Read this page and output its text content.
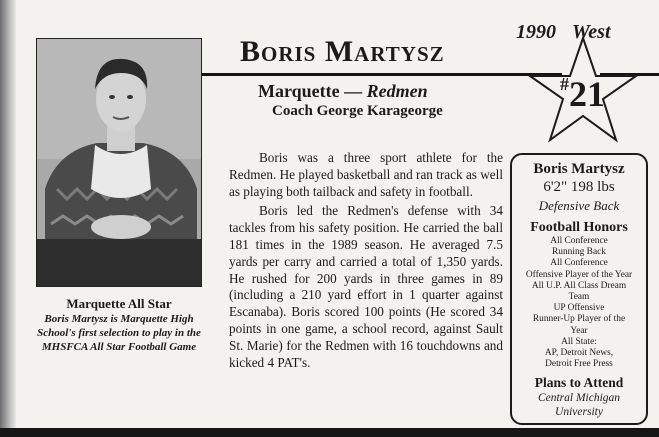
Marquette All Star
Boris Martysz is Marquette High School's first selection to play in the MHSFCA All Star Football Game
Boris Martysz
Marquette — Redmen
Coach George Karageorge
1990 West
#21

Boris was a three sport athlete for the Redmen. He played basketball and ran track as well as playing both tailback and safety in football.

Boris led the Redmen's defense with 34 tackles from his safety position. He carried the ball 181 times in the 1989 season. He averaged 7.5 yards per carry and carried a total of 1,350 yards. He rushed for 200 yards in three games in 89 (including a 210 yard effort in 1 quarter against Escanaba). Boris scored 100 points (He scored 34 points in one game, a school record, against Sault St. Marie) for the Redmen with 16 touchdowns and kicked 4 PAT's.

Boris Martysz
6'2" 198 lbs
Defensive Back
Football Honors
All Conference
Running Back
All Conference
Offensive Player of the Year
All U.P. All Class Dream
Team
UP Offensive
Runner-Up Player of the
Year
All State:
AP, Detroit News,
Detroit Free Press
Plans to Attend
Central Michigan
University
